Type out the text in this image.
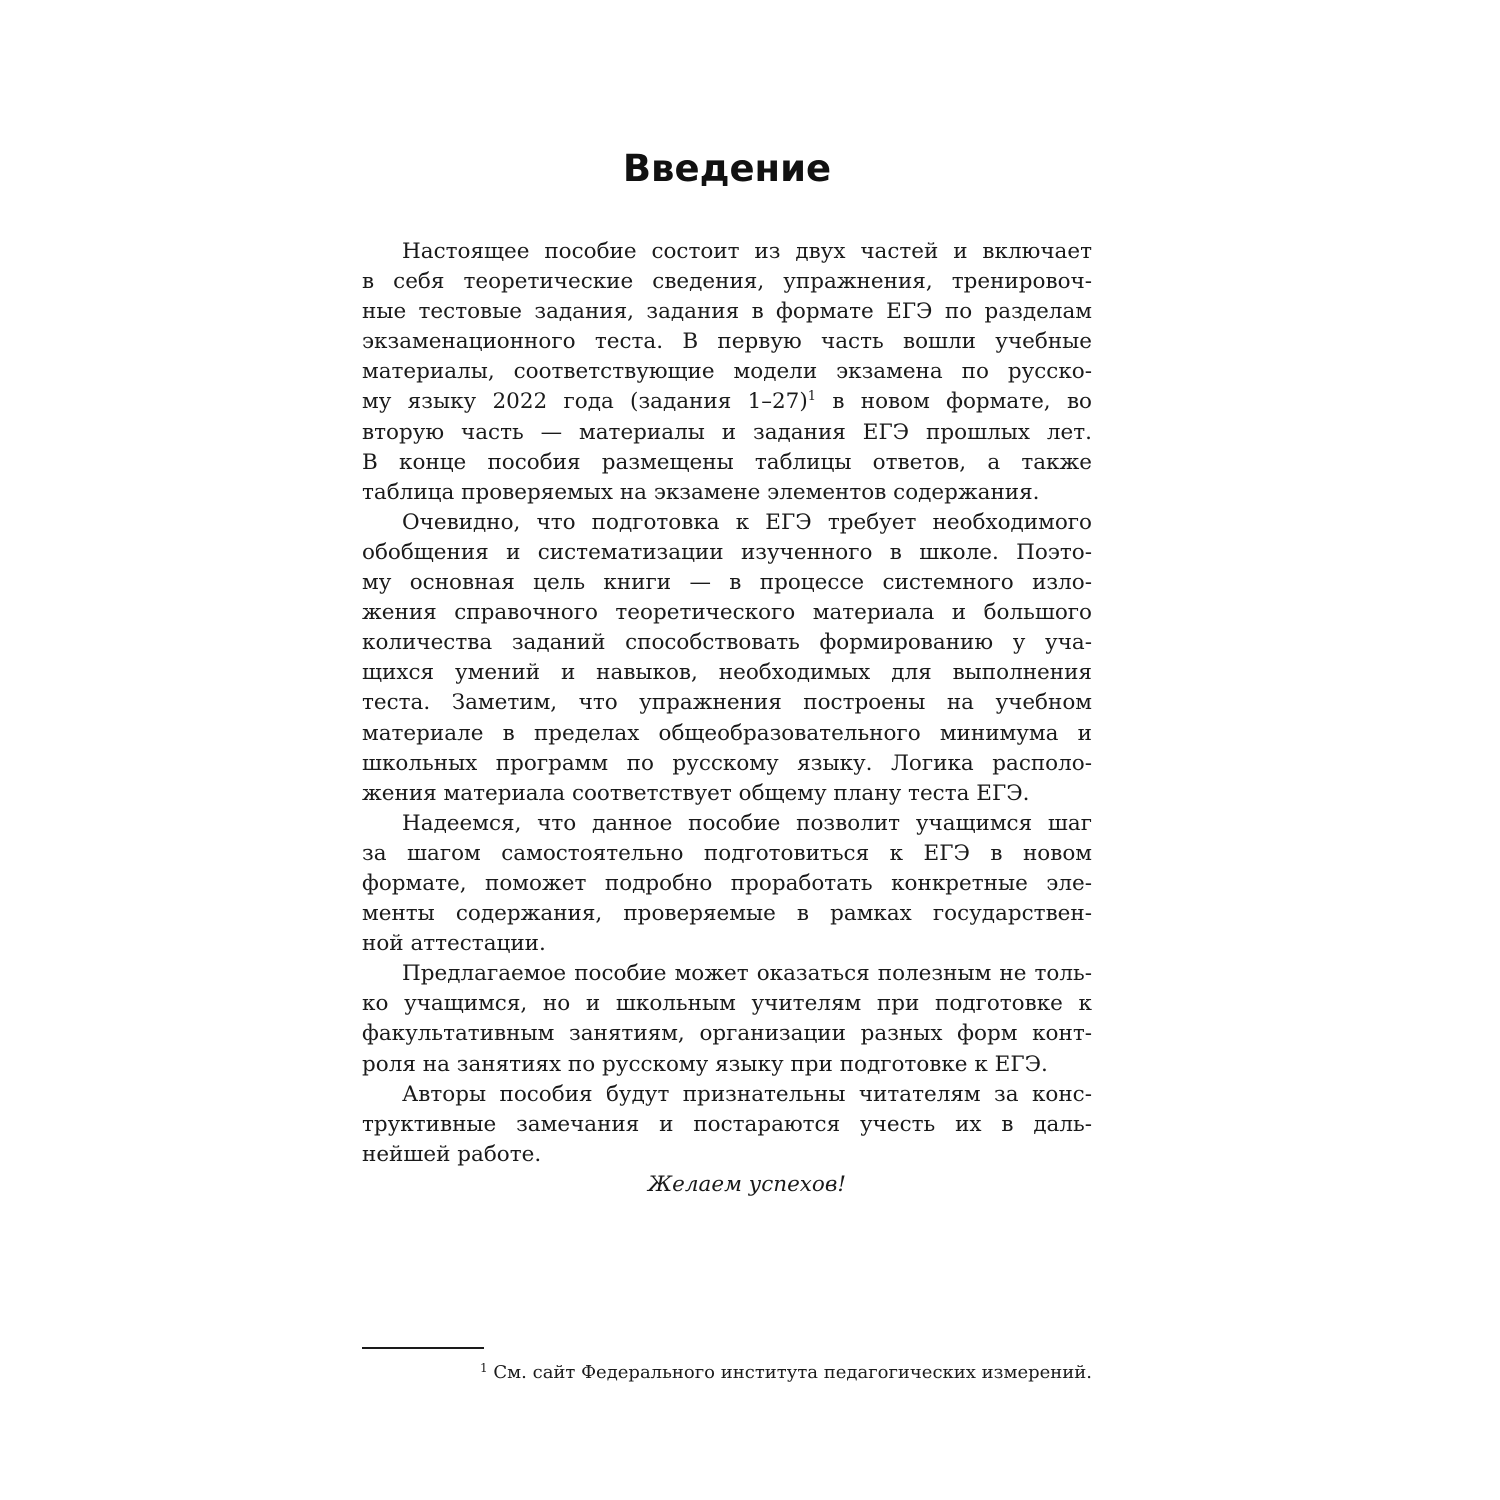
Введение
Настоящее пособие состоит из двух частей и включает
в себя теоретические сведения, упражнения, тренировоч-
ные тестовые задания, задания в формате ЕГЭ по разделам
экзаменационного теста. В первую часть вошли учебные
материалы, соответствующие модели экзамена по русско-
му языку 2022 года (задания 1–27)$^1$ в новом формате, во
вторую часть — материалы и задания ЕГЭ прошлых лет.
В конце пособия размещены таблицы ответов, а также
таблица проверяемых на экзамене элементов содержания.
Очевидно, что подготовка к ЕГЭ требует необходимого
обобщения и систематизации изученного в школе. Поэто-
му основная цель книги — в процессе системного изло-
жения справочного теоретического материала и большого
количества заданий способствовать формированию у уча-
щихся умений и навыков, необходимых для выполнения
теста. Заметим, что упражнения построены на учебном
материале в пределах общеобразовательного минимума и
школьных программ по русскому языку. Логика располо-
жения материала соответствует общему плану теста ЕГЭ.
Надеемся, что данное пособие позволит учащимся шаг
за шагом самостоятельно подготовиться к ЕГЭ в новом
формате, поможет подробно проработать конкретные эле-
менты содержания, проверяемые в рамках государствен-
ной аттестации.
Предлагаемое пособие может оказаться полезным не толь-
ко учащимся, но и школьным учителям при подготовке к
факультативным занятиям, организации разных форм конт-
роля на занятиях по русскому языку при подготовке к ЕГЭ.
Авторы пособия будут признательны читателям за конс-
труктивные замечания и постараются учесть их в даль-
нейшей работе.
Желаем успехов!
$^1$ См. сайт Федерального института педагогических измерений.
